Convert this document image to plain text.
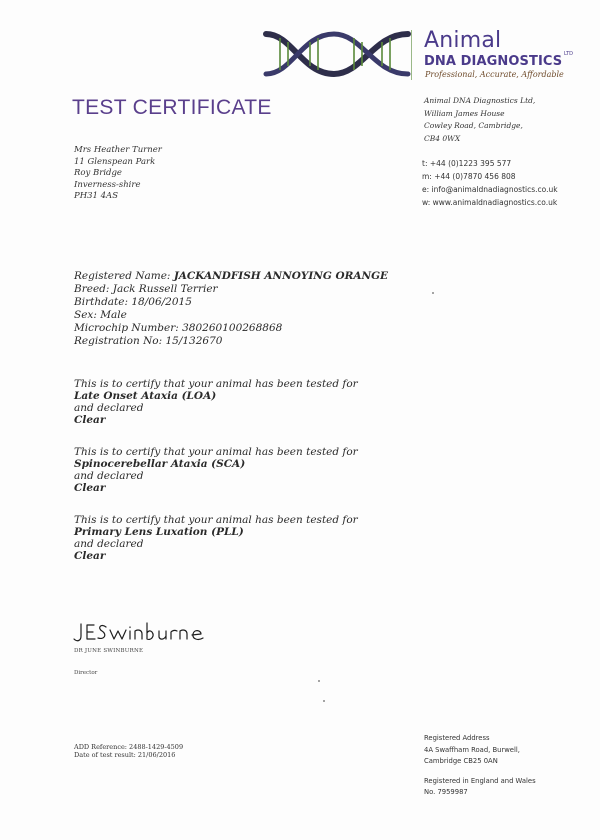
Animal
DNA DIAGNOSTICS LTD
Professional, Accurate, Affordable
TEST CERTIFICATE	Animal DNA Diagnostics Ltd,
William James House
Cowley Road, Cambridge,
CB4 0WX
t: +44 (0)1223 395 577
m: +44 (0)7870 456 808
e: info@animaldnadiagnostics.co.uk
w: www.animaldnadiagnostics.co.uk
Mrs Heather Turner
11 Glenspean Park
Roy Bridge
Inverness-shire
PH31 4AS
Registered Name: JACKANDFISH ANNOYING ORANGE
Breed: Jack Russell Terrier
Birthdate: 18/06/2015
Sex: Male
Microchip Number: 380260100268868
Registration No: 15/132670
This is to certify that your animal has been tested for
Late Onset Ataxia (LOA)
and declared
Clear
This is to certify that your animal has been tested for
Spinocerebellar Ataxia (SCA)
and declared
Clear
This is to certify that your animal has been tested for
Primary Lens Luxation (PLL)
and declared
Clear
DR JUNE SWINBURNE
Director
ADD Reference: 2488-1429-4509
Date of test result: 21/06/2016
Registered Address
4A Swaffham Road, Burwell,
Cambridge CB25 0AN
Registered in England and Wales
No. 7959987
